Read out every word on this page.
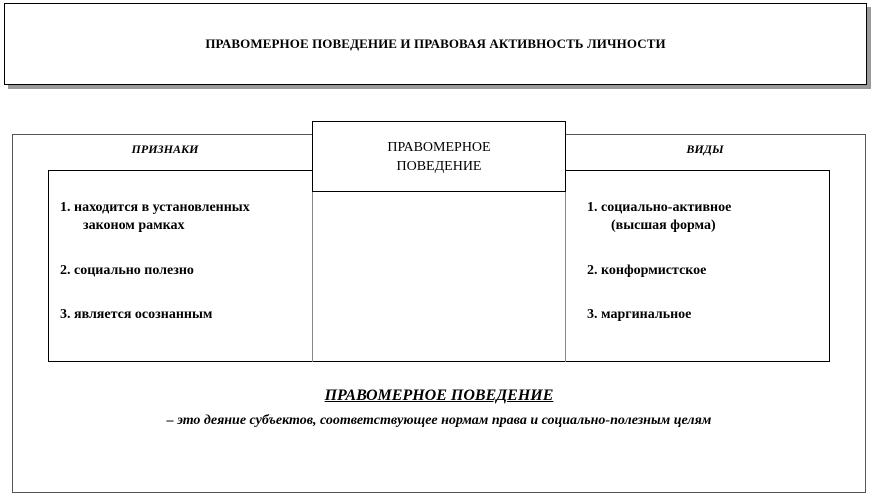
ПРАВОМЕРНОЕ ПОВЕДЕНИЕ И ПРАВОВАЯ АКТИВНОСТЬ ЛИЧНОСТИ
ПРИЗНАКИ	ВИДЫ
ПРАВОМЕРНОЕ
ПОВЕДЕНИЕ
1. находится в установленных
законом рамках
2. социально полезно
3. является осознанным
1. социально-активное
(высшая форма)
2. конформистское
3. маргинальное
ПРАВОМЕРНОЕ ПОВЕДЕНИЕ
– это деяние субъектов, соответствующее нормам права и социально-полезным целям
